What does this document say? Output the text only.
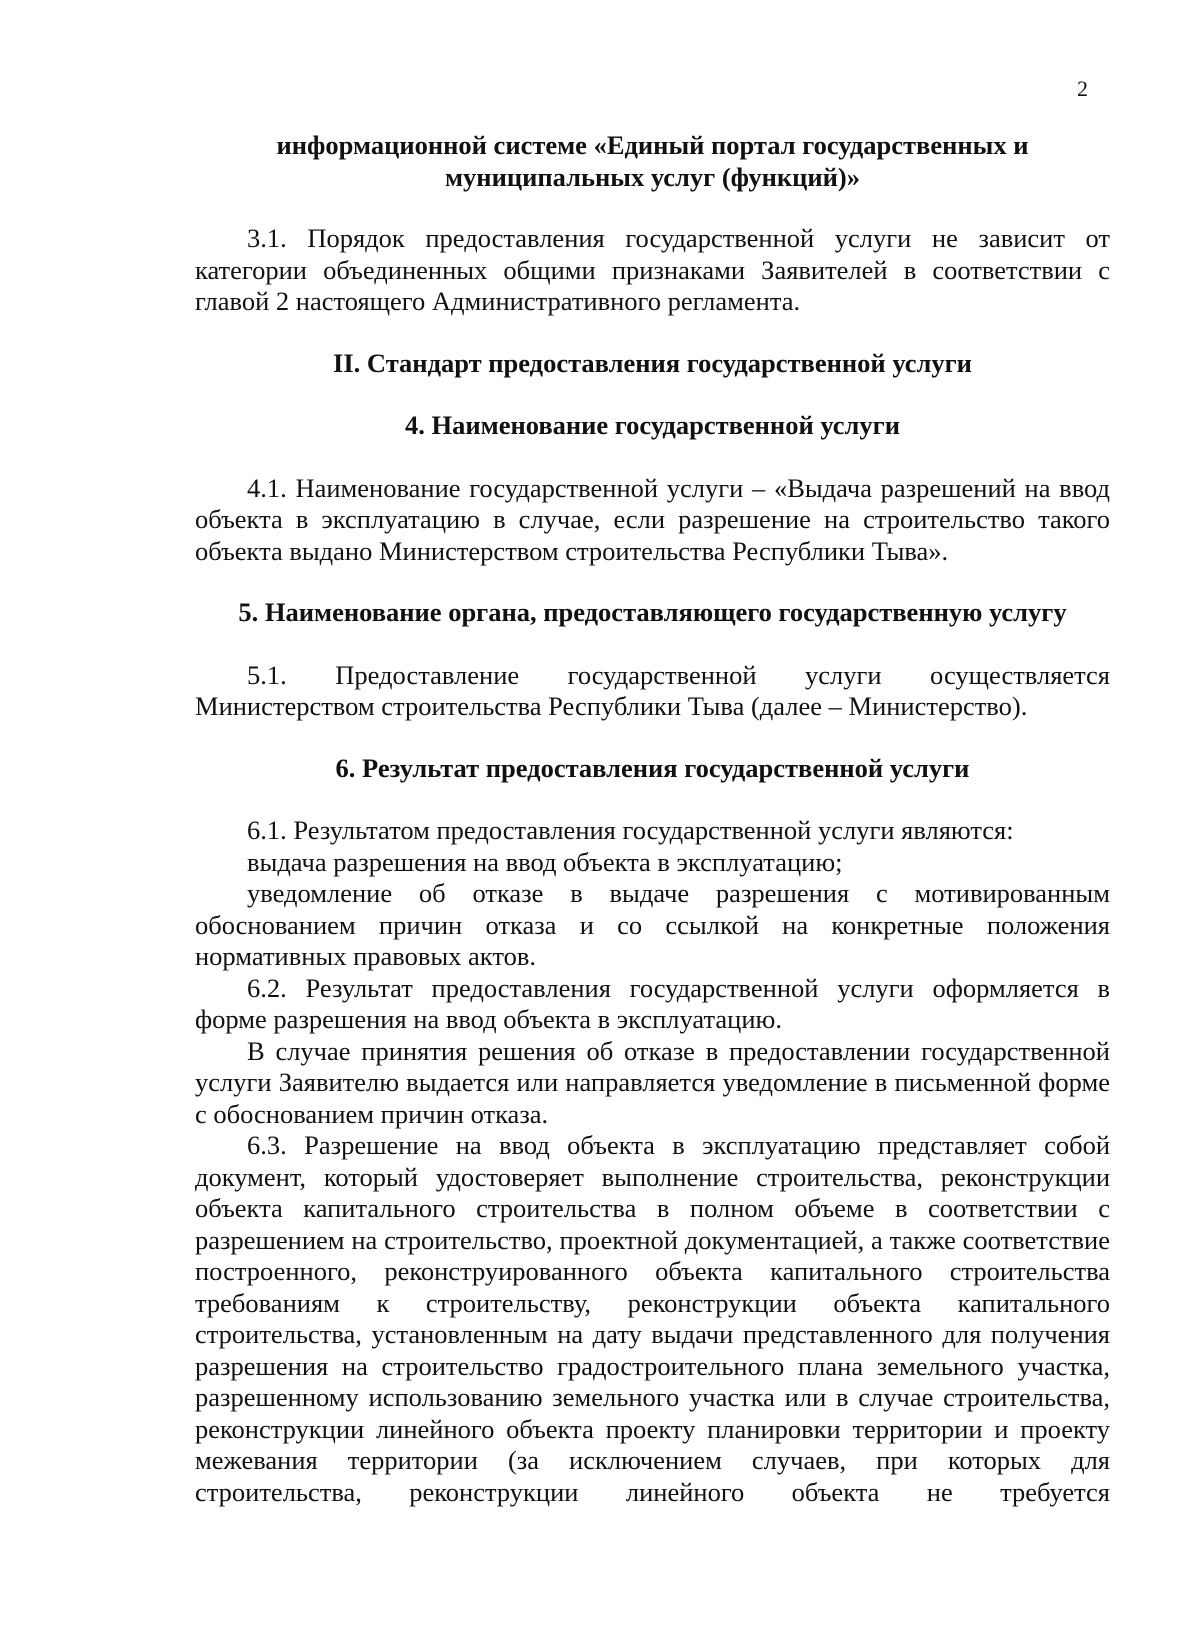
2

информационной системе «Единый портал государственных и муниципальных услуг (функций)»

3.1. Порядок предоставления государственной услуги не зависит от категории объединенных общими признаками Заявителей в соответствии с главой 2 настоящего Административного регламента.

II. Стандарт предоставления государственной услуги

4. Наименование государственной услуги

4.1. Наименование государственной услуги – «Выдача разрешений на ввод объекта в эксплуатацию в случае, если разрешение на строительство такого объекта выдано Министерством строительства Республики Тыва».

5. Наименование органа, предоставляющего государственную услугу

5.1. Предоставление государственной услуги осуществляется Министерством строительства Республики Тыва (далее – Министерство).

6. Результат предоставления государственной услуги

6.1. Результатом предоставления государственной услуги являются:

выдача разрешения на ввод объекта в эксплуатацию;

уведомление об отказе в выдаче разрешения с мотивированным обоснованием причин отказа и со ссылкой на конкретные положения нормативных правовых актов.

6.2. Результат предоставления государственной услуги оформляется в форме разрешения на ввод объекта в эксплуатацию.

В случае принятия решения об отказе в предоставлении государственной услуги Заявителю выдается или направляется уведомление в письменной форме с обоснованием причин отказа.

6.3. Разрешение на ввод объекта в эксплуатацию представляет собой документ, который удостоверяет выполнение строительства, реконструкции объекта капитального строительства в полном объеме в соответствии с разрешением на строительство, проектной документацией, а также соответствие построенного, реконструированного объекта капитального строительства требованиям к строительству, реконструкции объекта капитального строительства, установленным на дату выдачи представленного для получения разрешения на строительство градостроительного плана земельного участка, разрешенному использованию земельного участка или в случае строительства, реконструкции линейного объекта проекту планировки территории и проекту межевания территории (за исключением случаев, при которых для строительства, реконструкции линейного объекта не требуется
